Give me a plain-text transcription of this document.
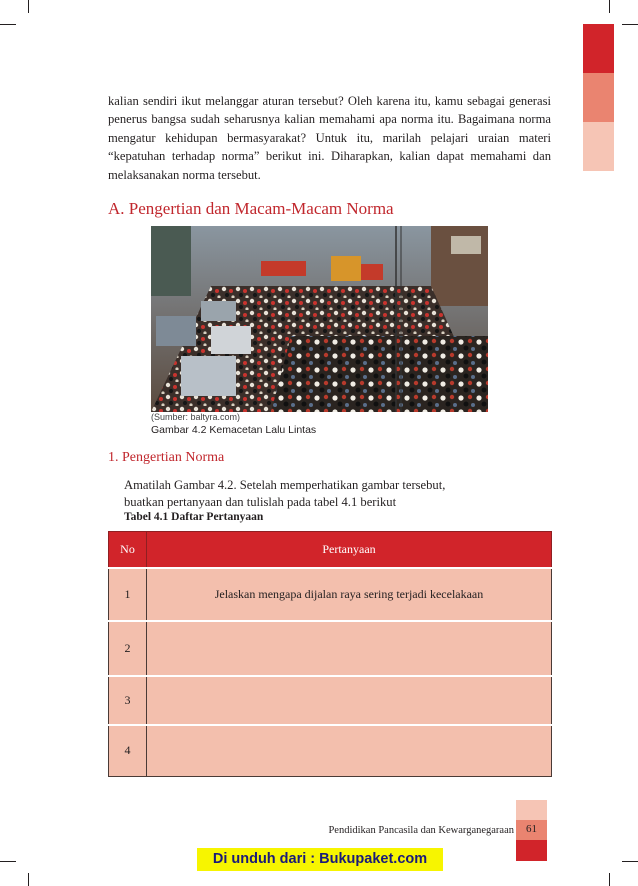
kalian sendiri ikut melanggar aturan tersebut? Oleh karena itu, kamu sebagai generasi penerus bangsa sudah seharusnya kalian memahami apa norma itu. Bagaimana norma mengatur kehidupan bermasyarakat? Untuk itu, marilah pelajari uraian materi “kepatuhan terhadap norma” berikut ini. Diharapkan, kalian dapat memahami dan melaksanakan norma tersebut.

A. Pengertian dan Macam-Macam Norma
(Sumber: baltyra.com)
Gambar 4.2 Kemacetan Lalu Lintas
1. Pengertian Norma

Amatilah Gambar 4.2. Setelah memperhatikan gambar tersebut,
buatkan pertanyaan dan tulislah pada tabel 4.1 berikut

Tabel 4.1 Daftar Pertanyaan
No	Pertanyaan
1	Jelaskan mengapa dijalan raya sering terjadi kecelakaan
2	
3	
4	
Pendidikan Pancasila dan Kewarganegaraan	61
Di unduh dari : Bukupaket.com
